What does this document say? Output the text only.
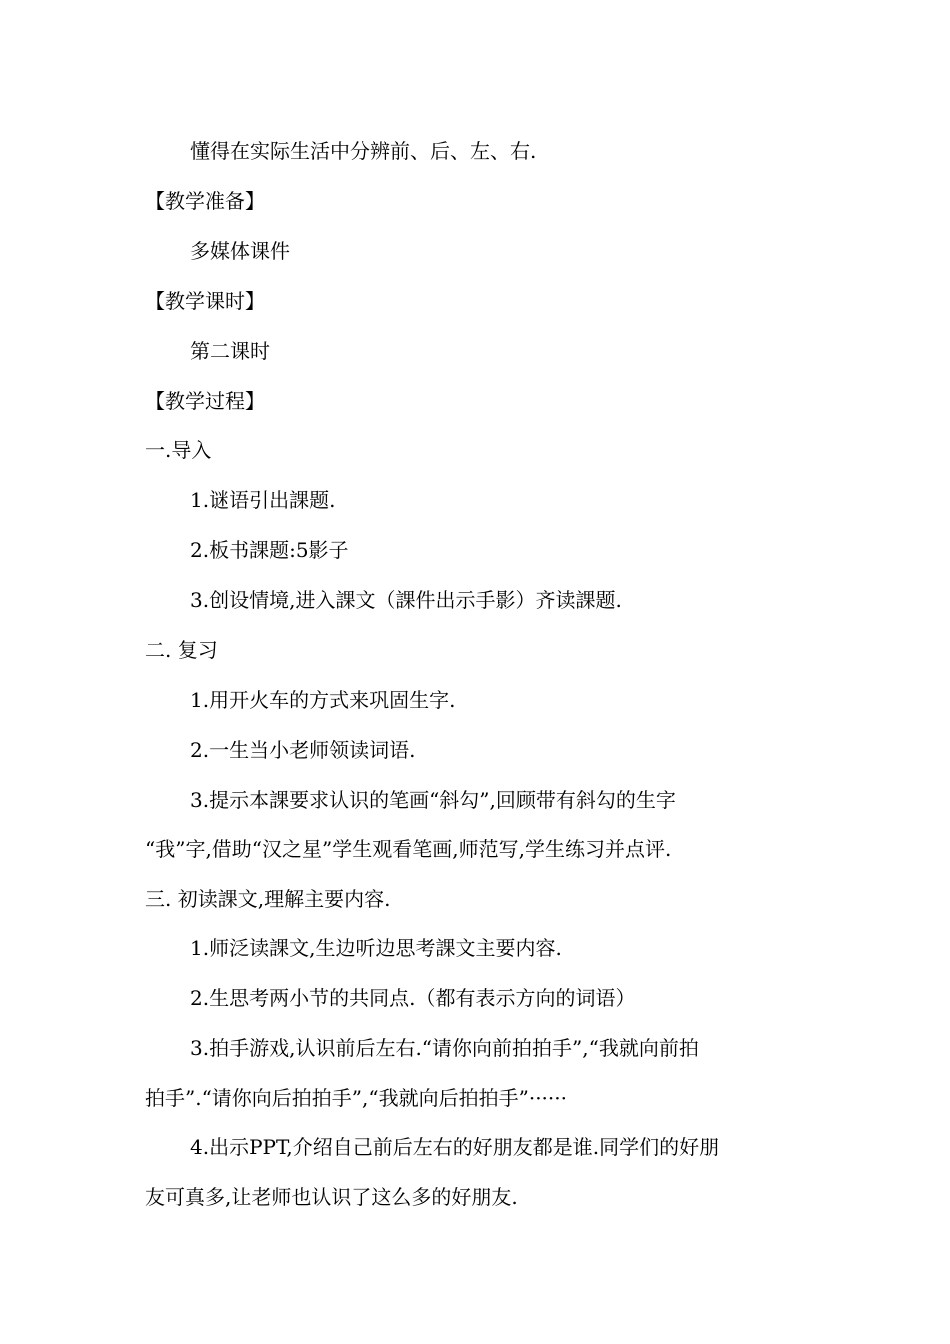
懂得在实际生活中分辨前、后、左、右.
【教学准备】
多媒体课件
【教学课时】
第二课时
【教学过程】
一.导入
1.谜语引出課题.
2.板书課题:5影子
3.创设情境,进入課文（課件出示手影）齐读課题.
二. 复习
1.用开火车的方式来巩固生字.
2.一生当小老师领读词语.
3.提示本課要求认识的笔画“斜勾”,回顾带有斜勾的生字
“我”字,借助“汉之星”学生观看笔画,师范写,学生练习并点评.
三. 初读課文,理解主要内容.
1.师泛读課文,生边听边思考課文主要内容.
2.生思考两小节的共同点.（都有表示方向的词语）
3.拍手游戏,认识前后左右.“请你向前拍拍手”,“我就向前拍
拍手”.“请你向后拍拍手”,“我就向后拍拍手”······
4.出示PPT,介绍自己前后左右的好朋友都是谁.同学们的好朋
友可真多,让老师也认识了这么多的好朋友.
